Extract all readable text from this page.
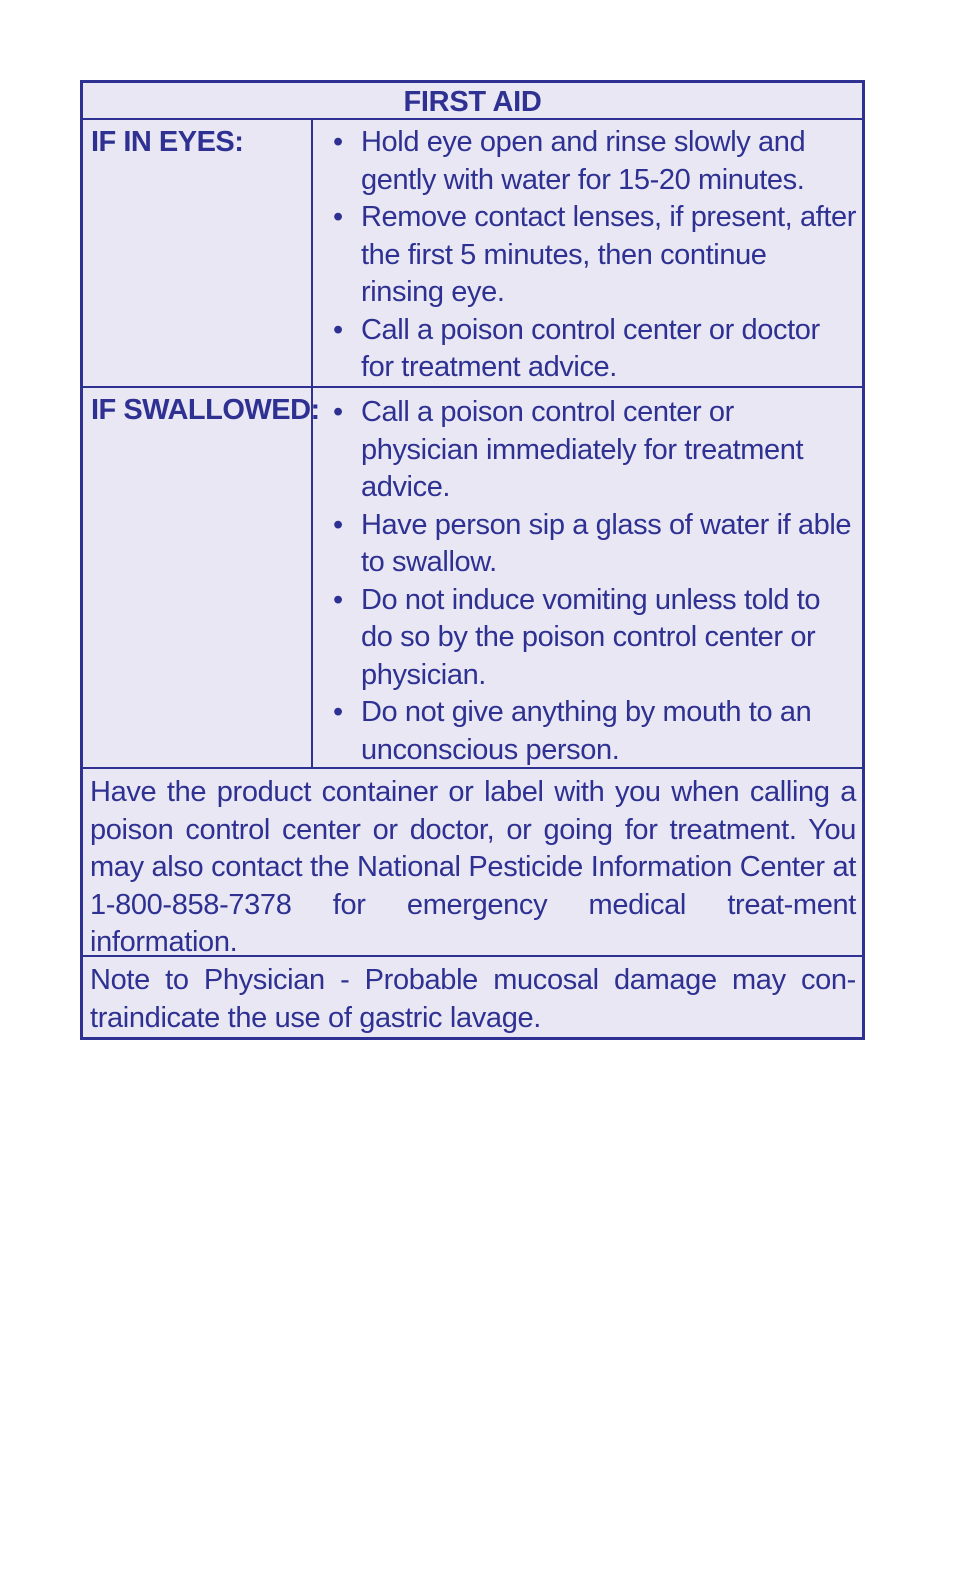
FIRST AID
IF IN EYES:	• Hold eye open and rinse slowly and gently with water for 15-20 minutes.
• Remove contact lenses, if present, after the first 5 minutes, then continue rinsing eye.
• Call a poison control center or doctor for treatment advice.
IF SWALLOWED: • Call a poison control center or physician immediately for treatment advice.
• Have person sip a glass of water if able to swallow.
• Do not induce vomiting unless told to do so by the poison control center or physician.
• Do not give anything by mouth to an unconscious person.
Have the product container or label with you when calling a poison control center or doctor, or going for treatment. You may also contact the National Pesticide Information Center at 1-800-858-7378 for emergency medical treat-ment information.
Note to Physician - Probable mucosal damage may con-traindicate the use of gastric lavage.
